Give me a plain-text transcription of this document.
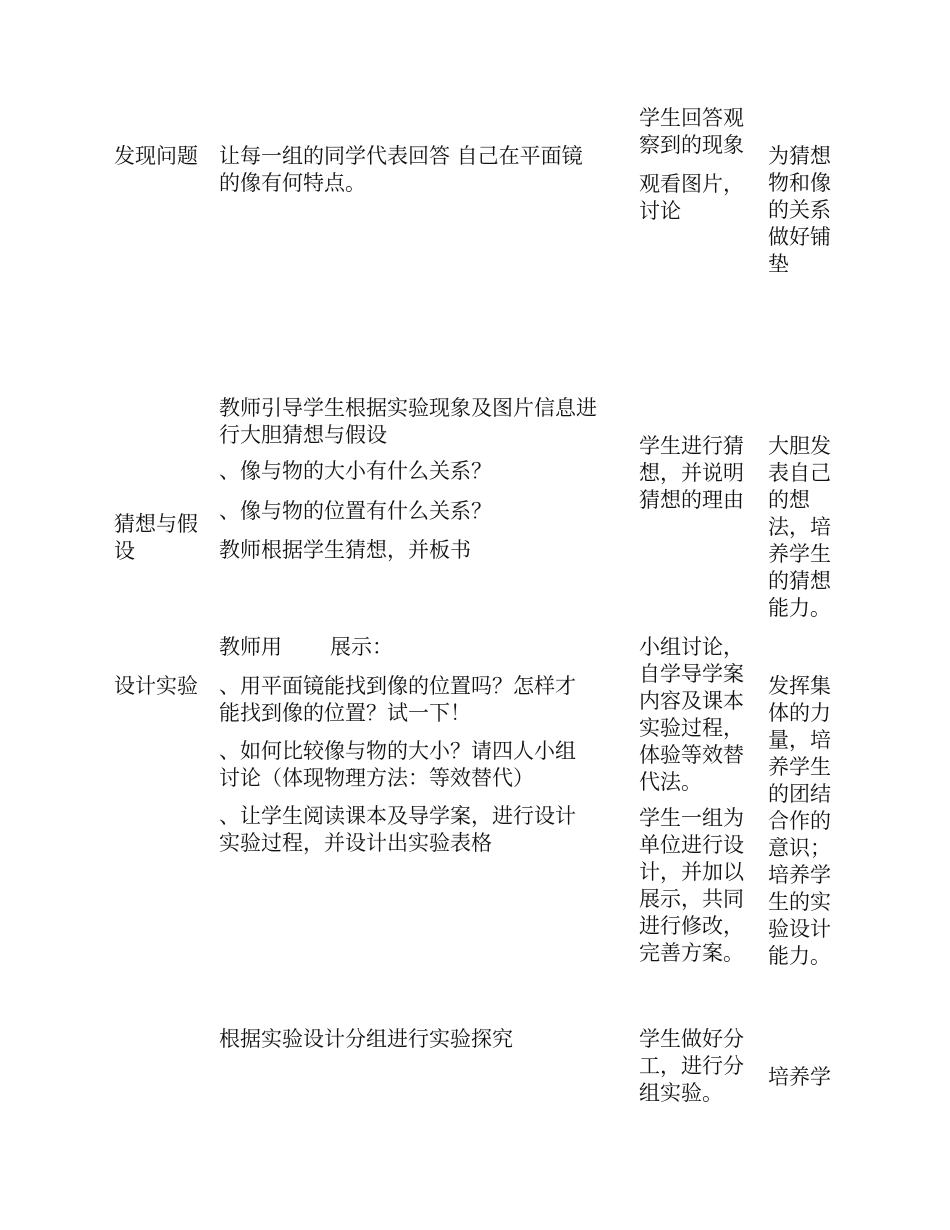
发现问题 让每一组的同学代表回答 自己在平面镜

的像有何特点。

学生回答观

察到的现象

观看图片，

讨论

为猜想

物和像

的关系

做好铺

垫

猜想与假

设

教师引导学生根据实验现象及图片信息进

行大胆猜想与假设

、像与物的大小有什么关系？

、像与物的位置有什么关系？

教师根据学生猜想，并板书

学生进行猜

想，并说明

猜想的理由

大胆发

表自己

的想

法，培

养学生

的猜想

能力。

设计实验

教师用 展示：

、用平面镜能找到像的位置吗？怎样才

能找到像的位置？试一下！

、如何比较像与物的大小？请四人小组

讨论（体现物理方法：等效替代）

、让学生阅读课本及导学案，进行设计

实验过程，并设计出实验表格

小组讨论，

自学导学案

内容及课本

实验过程，

体验等效替

代法。

学生一组为

单位进行设

计，并加以

展示，共同

进行修改，

完善方案。

发挥集

体的力

量，培

养学生

的团结

合作的

意识；

培养学

生的实

验设计

能力。

根据实验设计分组进行实验探究	学生做好分

工，进行分

组实验。

培养学
